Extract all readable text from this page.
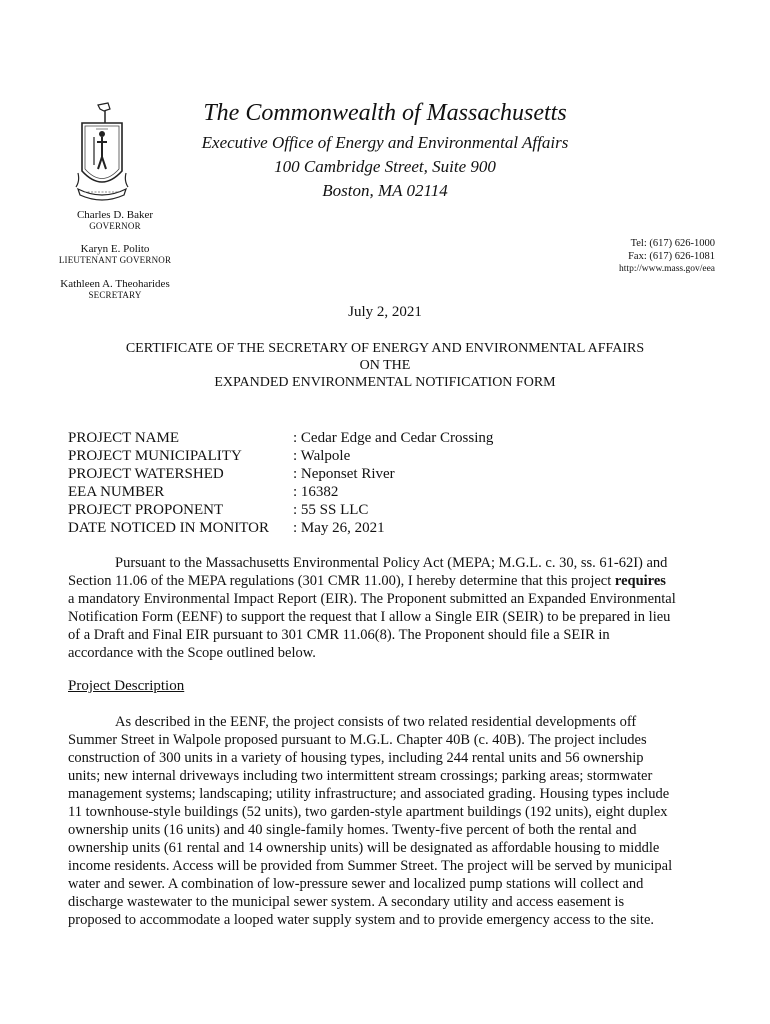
The Commonwealth of Massachusetts
Executive Office of Energy and Environmental Affairs
100 Cambridge Street, Suite 900
Boston, MA 02114
Charles D. Baker
GOVERNOR
Karyn E. Polito
LIEUTENANT GOVERNOR
Kathleen A. Theoharides
SECRETARY
Tel: (617) 626-1000
Fax: (617) 626-1081
http://www.mass.gov/eea
July 2, 2021
CERTIFICATE OF THE SECRETARY OF ENERGY AND ENVIRONMENTAL AFFAIRS
ON THE
EXPANDED ENVIRONMENTAL NOTIFICATION FORM
PROJECT NAME	: Cedar Edge and Cedar Crossing
PROJECT MUNICIPALITY	: Walpole
PROJECT WATERSHED	: Neponset River
EEA NUMBER	: 16382
PROJECT PROPONENT	: 55 SS LLC
DATE NOTICED IN MONITOR	: May 26, 2021
Pursuant to the Massachusetts Environmental Policy Act (MEPA; M.G.L. c. 30, ss. 61-62I) and
Section 11.06 of the MEPA regulations (301 CMR 11.00), I hereby determine that this project requires
a mandatory Environmental Impact Report (EIR). The Proponent submitted an Expanded Environmental
Notification Form (EENF) to support the request that I allow a Single EIR (SEIR) to be prepared in lieu
of a Draft and Final EIR pursuant to 301 CMR 11.06(8). The Proponent should file a SEIR in
accordance with the Scope outlined below.
Project Description
As described in the EENF, the project consists of two related residential developments off
Summer Street in Walpole proposed pursuant to M.G.L. Chapter 40B (c. 40B). The project includes
construction of 300 units in a variety of housing types, including 244 rental units and 56 ownership
units; new internal driveways including two intermittent stream crossings; parking areas; stormwater
management systems; landscaping; utility infrastructure; and associated grading. Housing types include
11 townhouse-style buildings (52 units), two garden-style apartment buildings (192 units), eight duplex
ownership units (16 units) and 40 single-family homes. Twenty-five percent of both the rental and
ownership units (61 rental and 14 ownership units) will be designated as affordable housing to middle
income residents. Access will be provided from Summer Street. The project will be served by municipal
water and sewer. A combination of low-pressure sewer and localized pump stations will collect and
discharge wastewater to the municipal sewer system. A secondary utility and access easement is
proposed to accommodate a looped water supply system and to provide emergency access to the site.
